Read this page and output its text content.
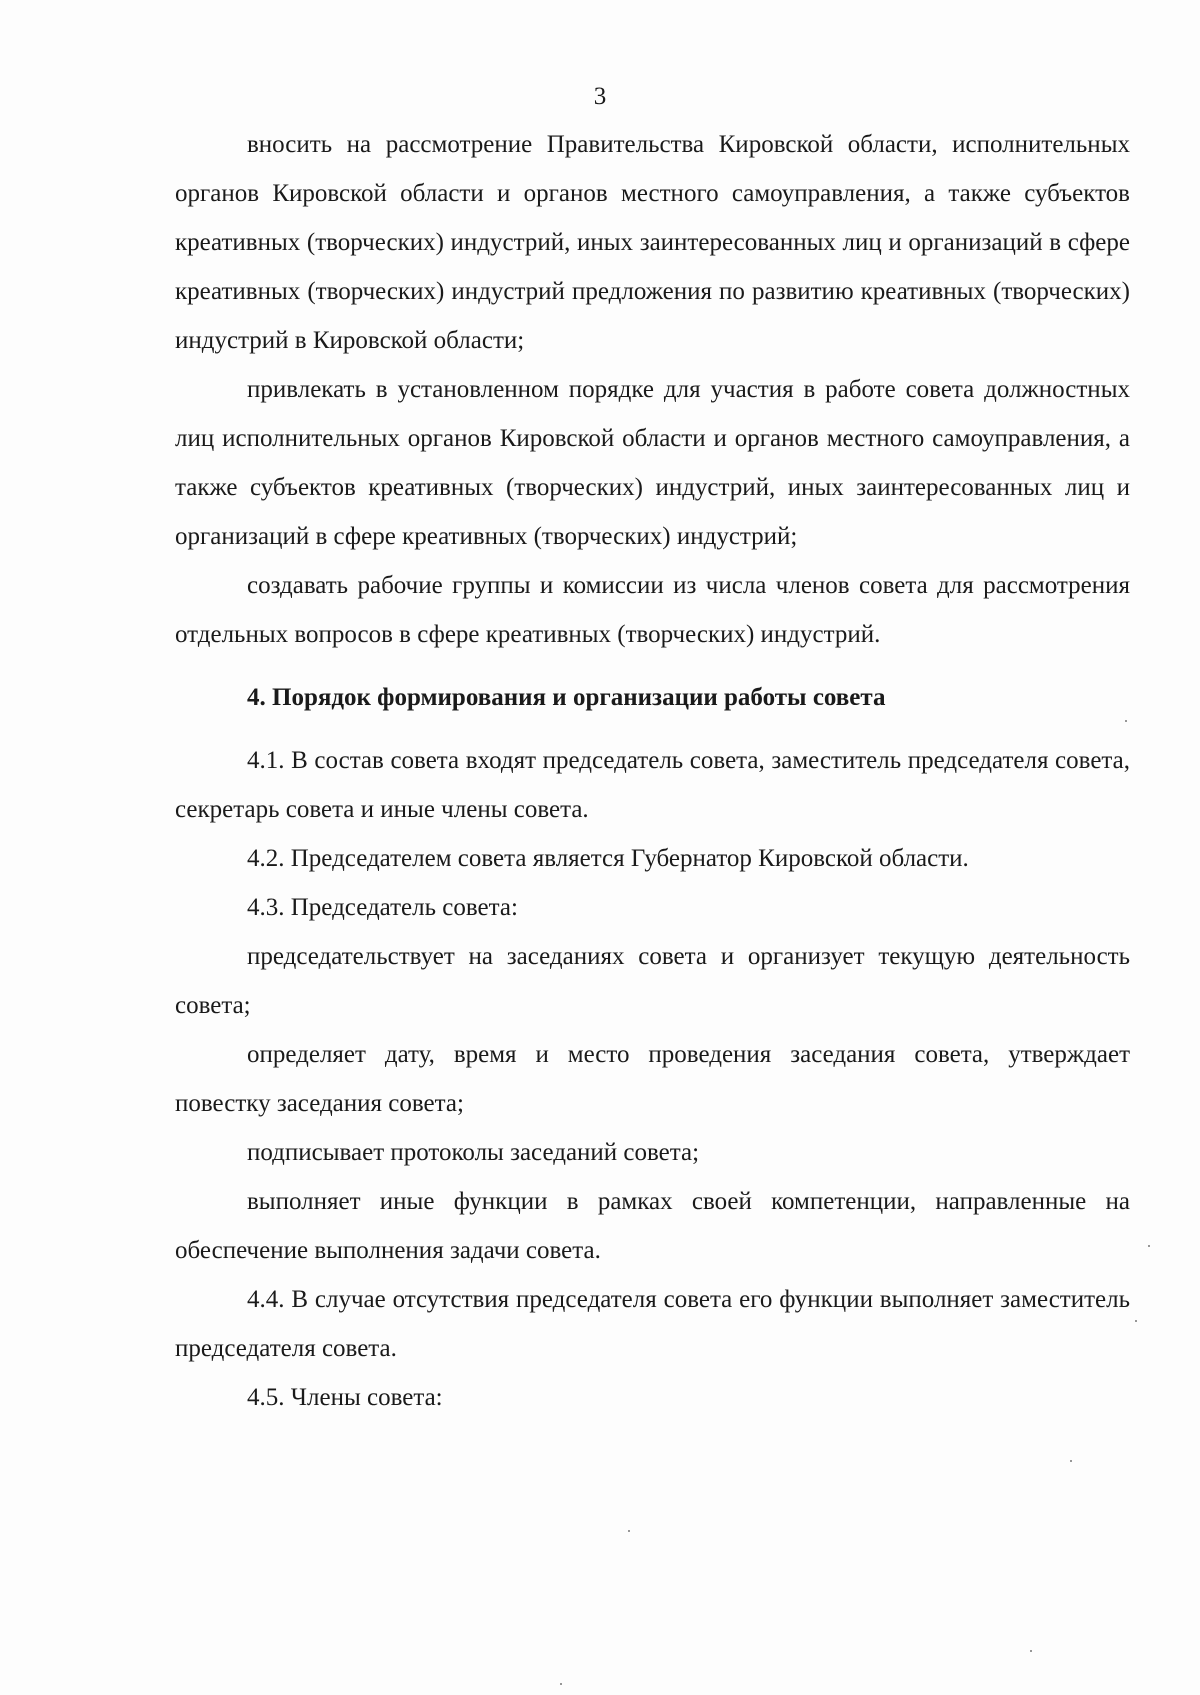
3

вносить на рассмотрение Правительства Кировской области, исполнительных органов Кировской области и органов местного самоуправления, а также субъектов креативных (творческих) индустрий, иных заинтересованных лиц и организаций в сфере креативных (творческих) индустрий предложения по развитию креативных (творческих) индустрий в Кировской области;

привлекать в установленном порядке для участия в работе совета должностных лиц исполнительных органов Кировской области и органов местного самоуправления, а также субъектов креативных (творческих) индустрий, иных заинтересованных лиц и организаций в сфере креативных (творческих) индустрий;

создавать рабочие группы и комиссии из числа членов совета для рассмотрения отдельных вопросов в сфере креативных (творческих) индустрий.

4. Порядок формирования и организации работы совета

4.1. В состав совета входят председатель совета, заместитель председателя совета, секретарь совета и иные члены совета.

4.2. Председателем совета является Губернатор Кировской области.

4.3. Председатель совета:

председательствует на заседаниях совета и организует текущую деятельность совета;

определяет дату, время и место проведения заседания совета, утверждает повестку заседания совета;

подписывает протоколы заседаний совета;

выполняет иные функции в рамках своей компетенции, направленные на обеспечение выполнения задачи совета.

4.4. В случае отсутствия председателя совета его функции выполняет заместитель председателя совета.

4.5. Члены совета:
